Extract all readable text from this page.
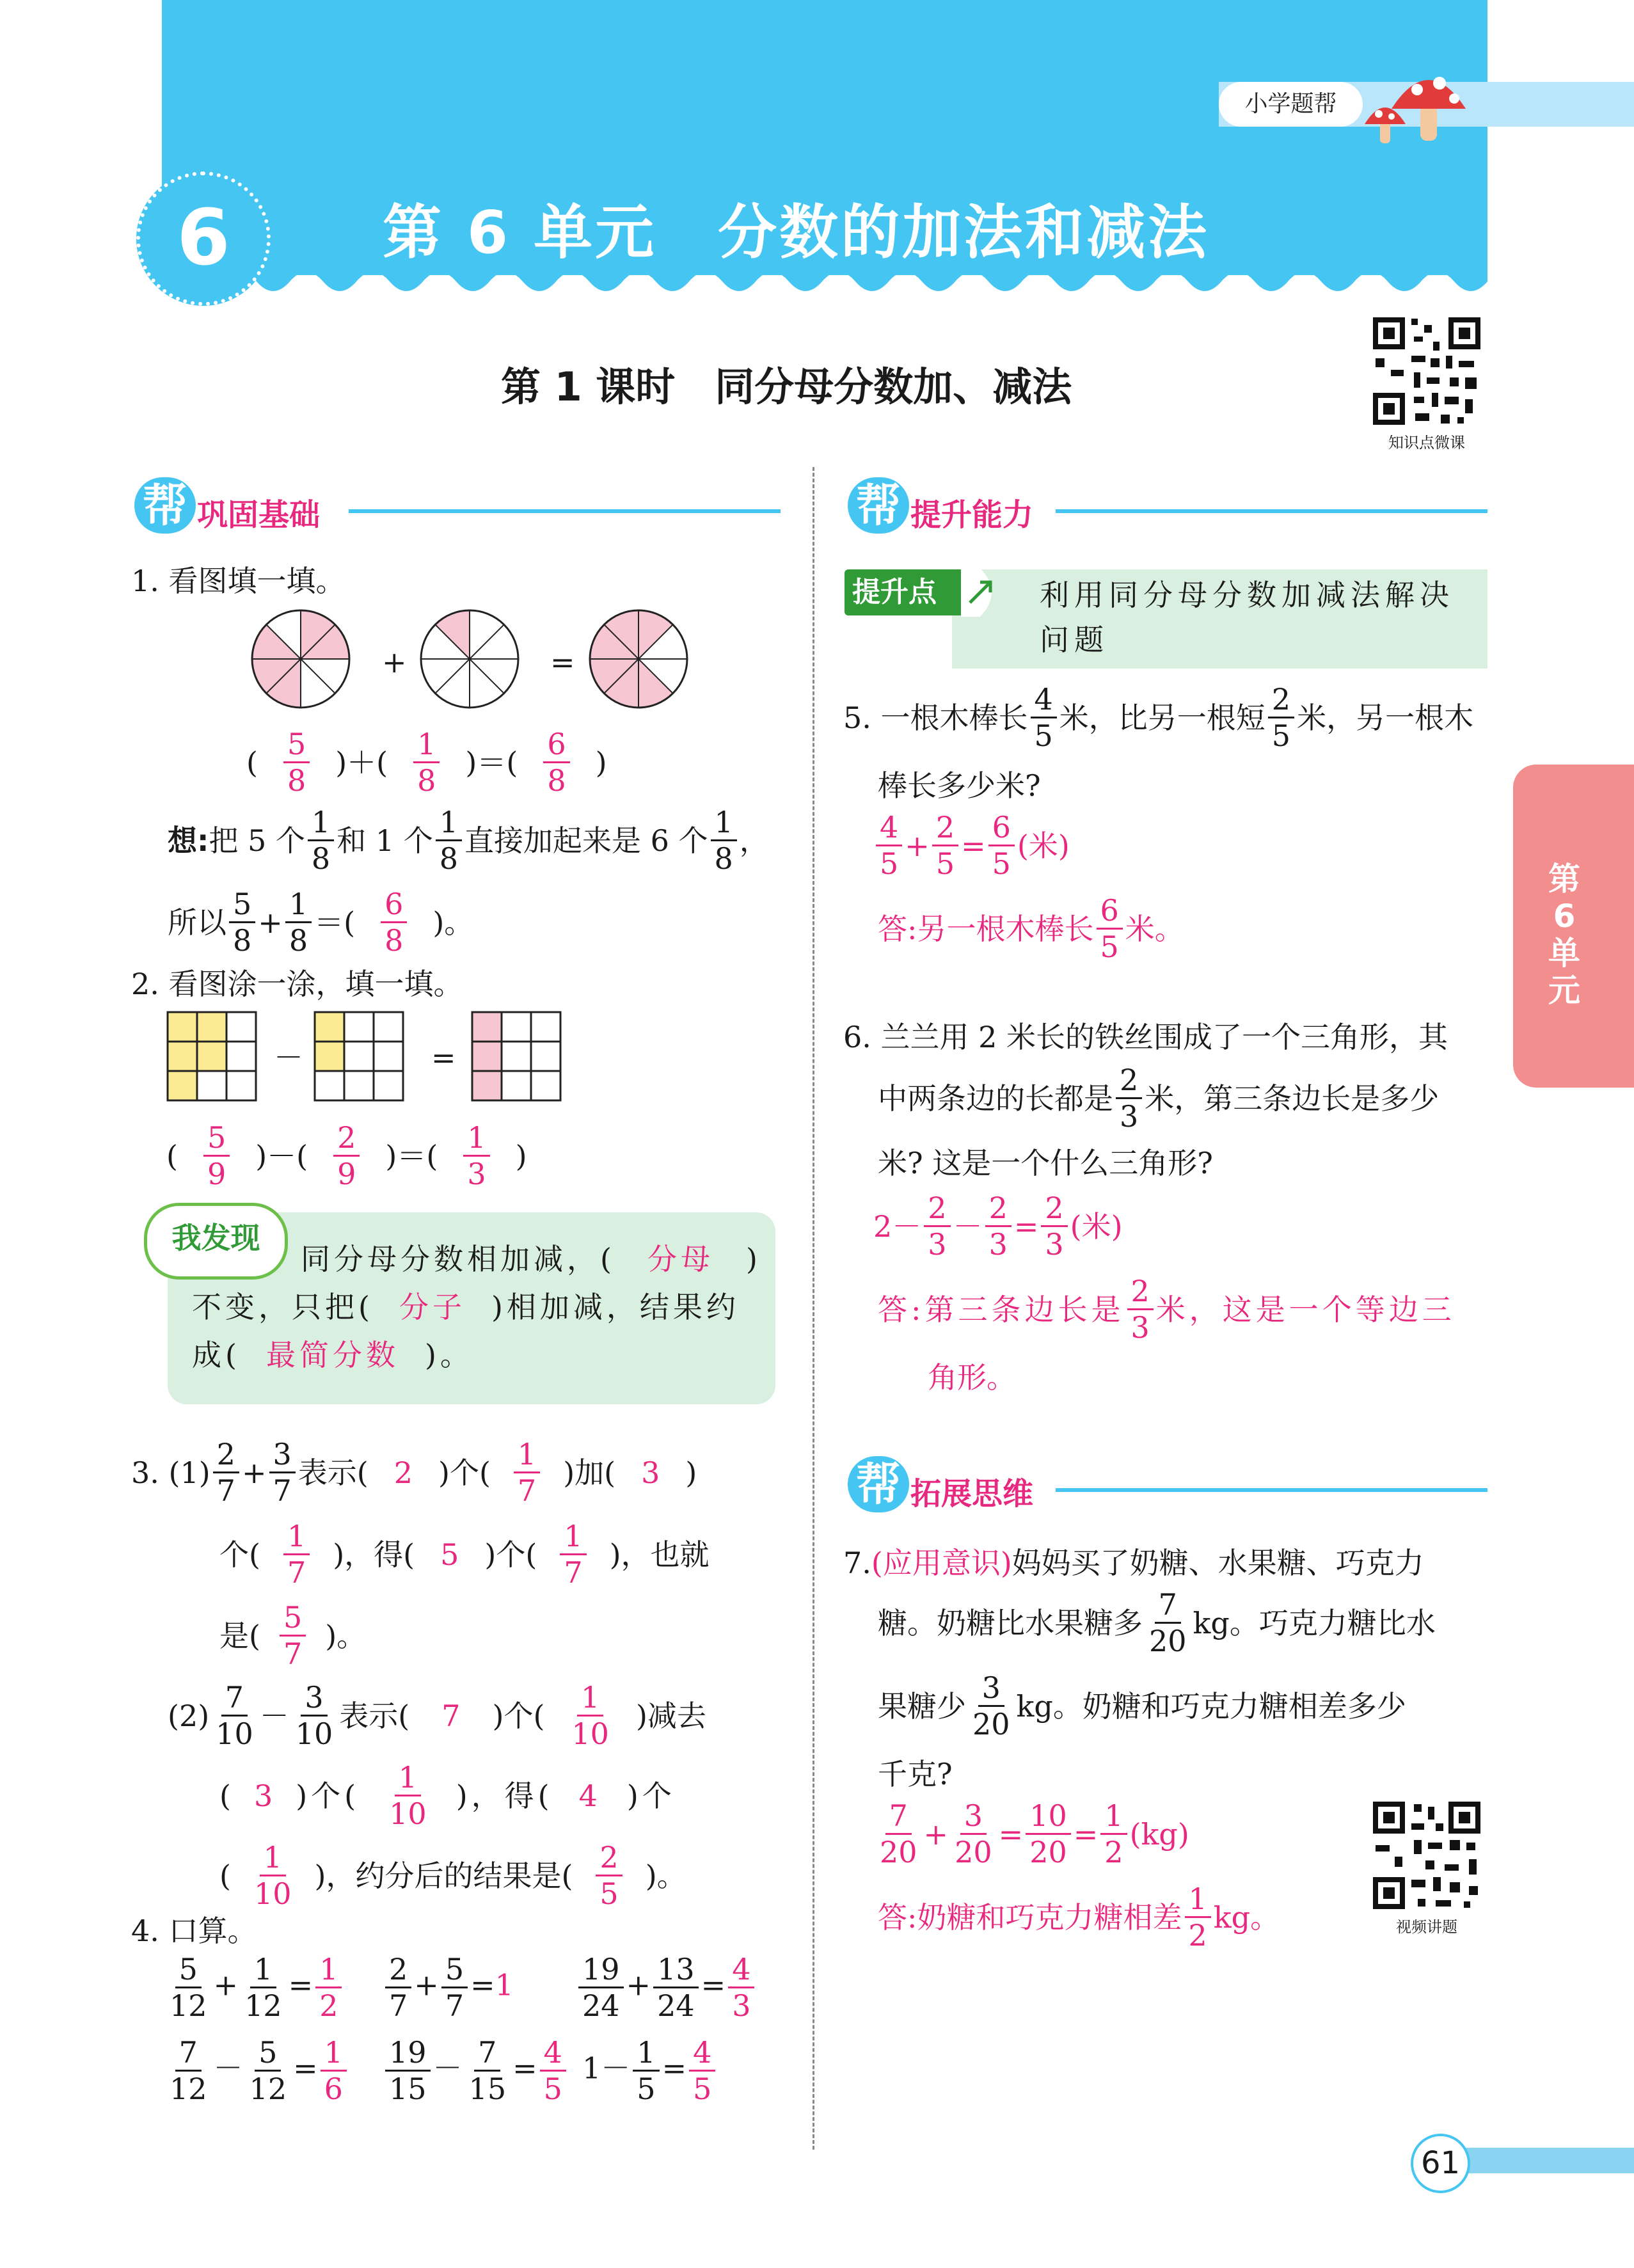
小学题帮
6	第 6 单元　分数的加法和减法
第 1 课时　同分母分数加、减法
知识点微课
第6单元
帮 巩固基础
1. 看图填一填。
+	=
( $\frac{5}{8}$ )＋( $\frac{1}{8}$ )＝( $\frac{6}{8}$ )
想: 把 5 个 $\frac{1}{8}$ 和 1 个 $\frac{1}{8}$ 直接加起来是 6 个 $\frac{1}{8}$ ，
所以 $\frac{5}{8} + \frac{1}{8}$ ＝( $\frac{6}{8}$ )。
2. 看图涂一涂，填一填。
－	=
( $\frac{5}{9}$ )－( $\frac{2}{9}$ )＝( $\frac{1}{3}$ )
我发现
同分母分数相加减，( 分母 )
不变，只把( 分子 )相加减，结果约
成( 最简分数 )。
3. $(1) \frac{2}{7} + \frac{3}{7}$ 表示( 2 )个( $\frac{1}{7}$ )加( 3 )
个( $\frac{1}{7}$ )，得( 5 )个( $\frac{1}{7}$ )，也就
是( $\frac{5}{7}$ )。
$(2) \frac{7}{10} - \frac{3}{10}$ 表示( 7 )个( $\frac{1}{10}$ )减去
( 3 )个( $\frac{1}{10}$ )，得( 4 )个
( $\frac{1}{10}$ )，约分后的结果是( $\frac{2}{5}$ )。
4. 口算。
$\frac{5}{12} + \frac{1}{12} = \frac{1}{2} \frac{2}{7} + \frac{5}{7} =1 \frac{19}{24} + \frac{13}{24} = \frac{4}{3}$
$\frac{7}{12} - \frac{5}{12} = \frac{1}{6} \frac{19}{15} - \frac{7}{15} = \frac{4}{5} 1- \frac{1}{5} = \frac{4}{5}$
帮 提升能力
提升点	利用同分母分数加减法解决
问题
5. 一根木棒长 $\frac{4}{5}$ 米，比另一根短 $\frac{2}{5}$ 米，另一根木
棒长多少米?
$\frac{4}{5} + \frac{2}{5} = \frac{6}{5}$ (米)
答:另一根木棒长 $\frac{6}{5}$ 米。
6. 兰兰用 2 米长的铁丝围成了一个三角形，其
中两条边的长都是 $\frac{2}{3}$ 米，第三条边长是多少
米? 这是一个什么三角形?
$2 - \frac{2}{3} - \frac{2}{3} = \frac{2}{3}$ (米)
答:第三条边长是 $\frac{2}{3}$ 米，这是一个等边三
角形。
帮 拓展思维
7.(应用意识)妈妈买了奶糖、水果糖、巧克力
糖。奶糖比水果糖多 $\frac{7}{20}$ kg。巧克力糖比水
果糖少 $\frac{3}{20}$ kg。奶糖和巧克力糖相差多少
千克?
$\frac{7}{20} + \frac{3}{20} = \frac{10}{20} = \frac{1}{2} (kg)$
答:奶糖和巧克力糖相差 $\frac{1}{2}$ kg。	视频讲题
61
